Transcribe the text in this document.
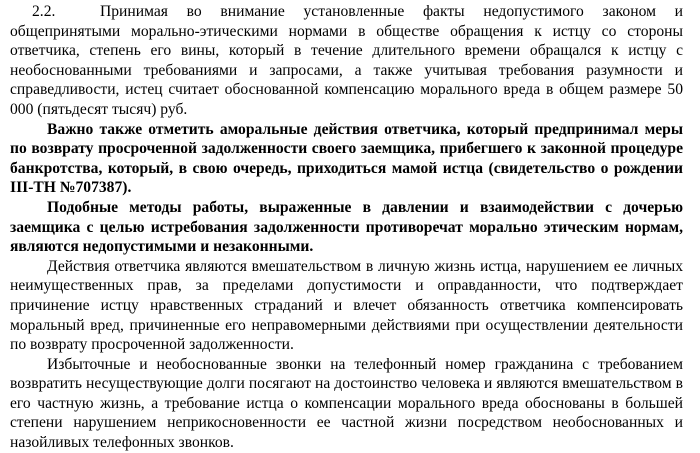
2.2.	Принимая во внимание установленные факты недопустимого законом и общепринятыми морально-этическими нормами в обществе обращения к истцу со стороны ответчика, степень его вины, который в течение длительного времени обращался к истцу с необоснованными требованиями и запросами, а также учитывая требования разумности и справедливости, истец считает обоснованной компенсацию морального вреда в общем размере 50 000 (пятьдесят тысяч) руб.

Важно также отметить аморальные действия ответчика, который предпринимал меры по возврату просроченной задолженности своего заемщика, прибегшего к законной процедуре банкротства, который, в свою очередь, приходиться мамой истца (свидетельство о рождении III-ТН №707387).

Подобные методы работы, выраженные в давлении и взаимодействии с дочерью заемщика с целью истребования задолженности противоречат морально этическим нормам, являются недопустимыми и незаконными.

Действия ответчика являются вмешательством в личную жизнь истца, нарушением ее личных неимущественных прав, за пределами допустимости и оправданности, что подтверждает причинение истцу нравственных страданий и влечет обязанность ответчика компенсировать моральный вред, причиненные его неправомерными действиями при осуществлении деятельности по возврату просроченной задолженности.

Избыточные и необоснованные звонки на телефонный номер гражданина с требованием возвратить несуществующие долги посягают на достоинство человека и являются вмешательством в его частную жизнь, а требование истца о компенсации морального вреда обоснованы в большей степени нарушением неприкосновенности ее частной жизни посредством необоснованных и назойливых телефонных звонков.
